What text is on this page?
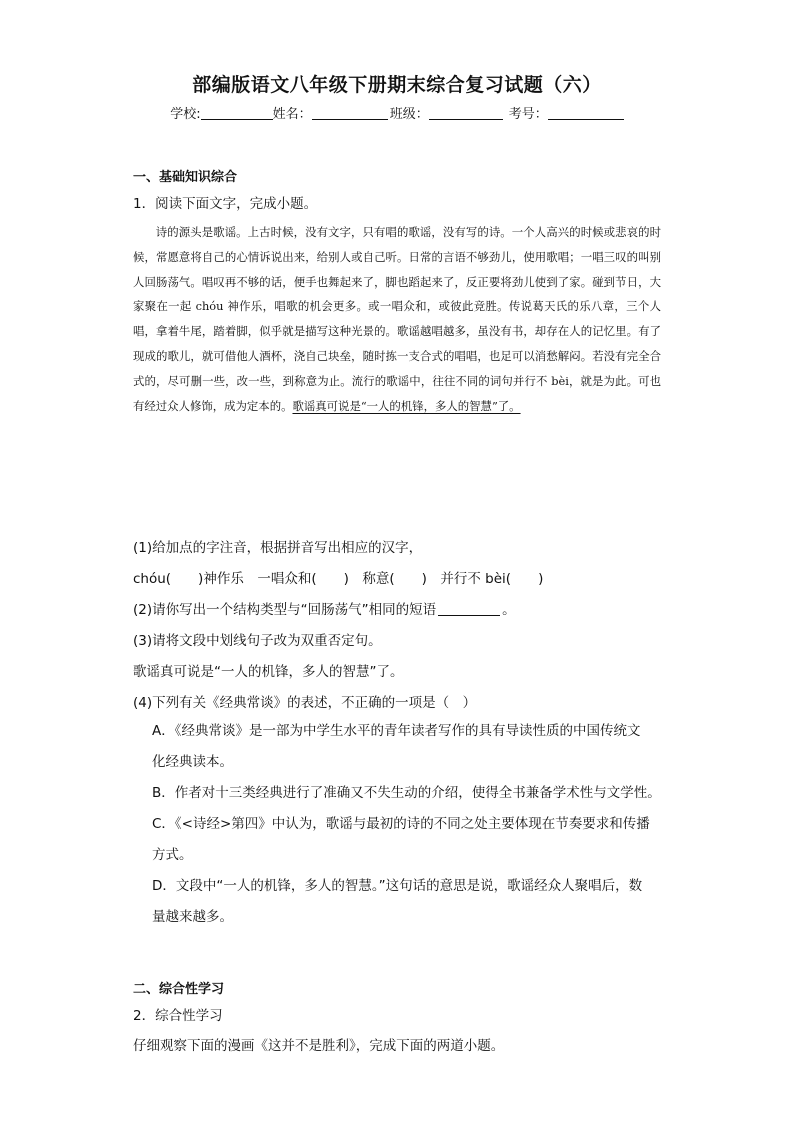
部编版语文八年级下册期末综合复习试题（六）
学校:	姓名：	班级：	考号：
一、基础知识综合
1．阅读下面文字，完成小题。
诗的源头是歌谣。上古时候，没有文字，只有唱的歌谣，没有写的诗。一个人高兴的时候或悲哀的时候，常愿意将自己的心情诉说出来，给别人或自己听。日常的言语不够劲儿，使用歌唱；一唱三叹的叫别人回肠荡气。唱叹再不够的话，便手也舞起来了，脚也蹈起来了，反正要将劲儿使到了家。碰到节日，大家聚在一起 chóu 神作乐，唱歌的机会更多。或一唱众和，或彼此竞胜。传说葛天氏的乐八章，三个人唱，拿着牛尾，踏着脚，似乎就是描写这种光景的。歌谣越唱越多，虽没有书，却存在人的记忆里。有了现成的歌儿，就可借他人酒杯，浇自己块垒，随时拣一支合式的唱唱，也足可以消愁解闷。若没有完全合式的，尽可删一些，改一些，到称意为止。流行的歌谣中，往往不同的词句并行不 bèi，就是为此。可也有经过众人修饰，成为定本的。歌谣真可说是“一人的机锋，多人的智慧”了。
(1)给加点的字注音，根据拼音写出相应的汉字，
chóu(　　)神作乐　一唱众和(　　)　称意(　　)　并行不 bèi(　　)
(2)请你写出一个结构类型与“回肠荡气”相同的短语	。
(3)请将文段中划线句子改为双重否定句。
歌谣真可说是“一人的机锋，多人的智慧”了。
(4)下列有关《经典常谈》的表述，不正确的一项是（　）
A．《经典常谈》是一部为中学生水平的青年读者写作的具有导读性质的中国传统文
化经典读本。
B．作者对十三类经典进行了准确又不失生动的介绍，使得全书兼备学术性与文学性。
C．《<诗经>第四》中认为，歌谣与最初的诗的不同之处主要体现在节奏要求和传播
方式。
D．文段中“一人的机锋，多人的智慧。”这句话的意思是说，歌谣经众人聚唱后，数
量越来越多。
二、综合性学习
2．综合性学习
仔细观察下面的漫画《这并不是胜利》，完成下面的两道小题。
